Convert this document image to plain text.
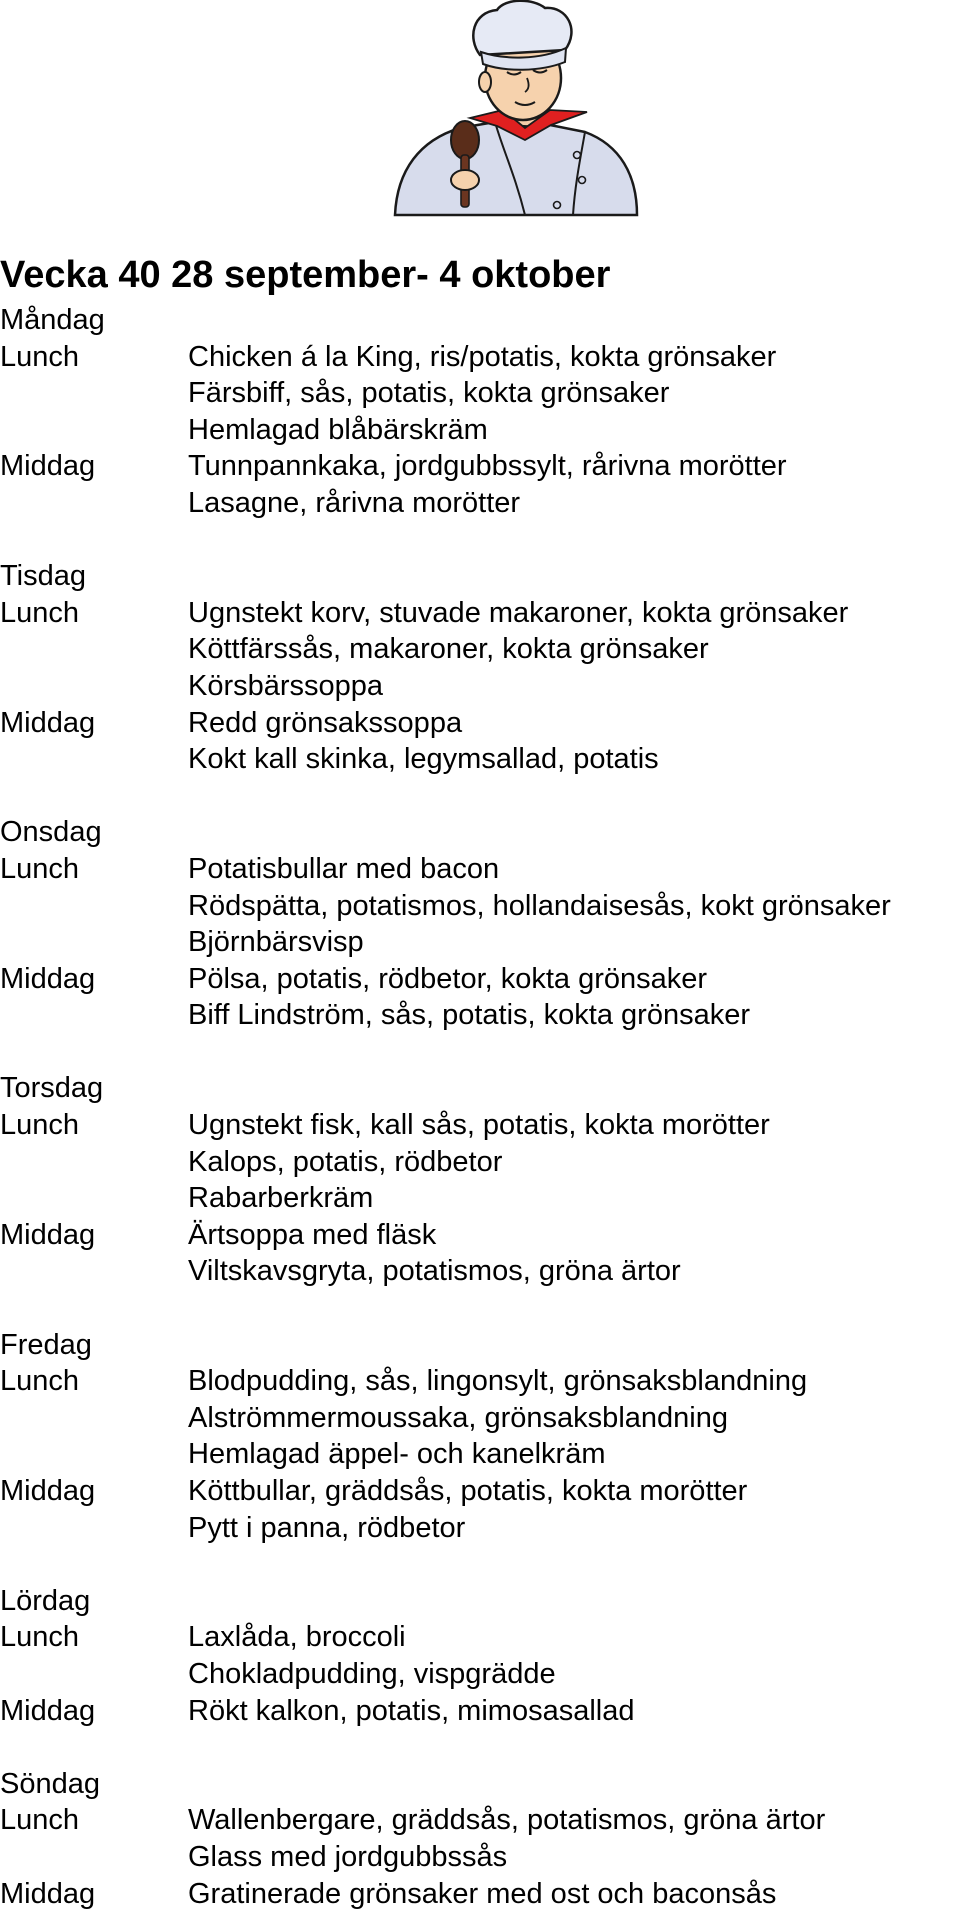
Vecka 40 28 september- 4 oktober
Måndag
Lunch	Chicken á la King, ris/potatis, kokta grönsaker
Färsbiff, sås, potatis, kokta grönsaker
Hemlagad blåbärskräm
Middag	Tunnpannkaka, jordgubbssylt, rårivna morötter
Lasagne, rårivna morötter
Tisdag
Lunch	Ugnstekt korv, stuvade makaroner, kokta grönsaker
Köttfärssås, makaroner, kokta grönsaker
Körsbärssoppa
Middag	Redd grönsakssoppa
Kokt kall skinka, legymsallad, potatis
Onsdag
Lunch	Potatisbullar med bacon
Rödspätta, potatismos, hollandaisesås, kokt grönsaker
Björnbärsvisp
Middag	Pölsa, potatis, rödbetor, kokta grönsaker
Biff Lindström, sås, potatis, kokta grönsaker
Torsdag
Lunch	Ugnstekt fisk, kall sås, potatis, kokta morötter
Kalops, potatis, rödbetor
Rabarberkräm
Middag	Ärtsoppa med fläsk
Viltskavsgryta, potatismos, gröna ärtor
Fredag
Lunch	Blodpudding, sås, lingonsylt, grönsaksblandning
Alströmmermoussaka, grönsaksblandning
Hemlagad äppel- och kanelkräm
Middag	Köttbullar, gräddsås, potatis, kokta morötter
Pytt i panna, rödbetor
Lördag
Lunch	Laxlåda, broccoli
Chokladpudding, vispgrädde
Middag	Rökt kalkon, potatis, mimosasallad
Söndag
Lunch	Wallenbergare, gräddsås, potatismos, gröna ärtor
Glass med jordgubbssås
Middag	Gratinerade grönsaker med ost och baconsås
